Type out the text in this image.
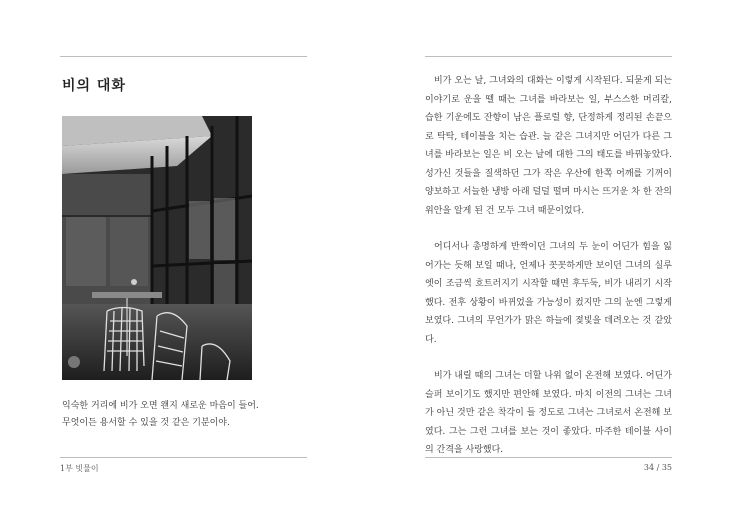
비의 대화

익숙한 거리에 비가 오면 왠지 새로운 마음이 들어.

무엇이든 용서할 수 있을 것 같은 기분이야.

1부 빗물이

비가 오는 날, 그녀와의 대화는 이렇게 시작된다. 되묻게 되는 이야기로 운을 뗄 때는 그녀를 바라보는 일, 부스스한 머리칼, 습한 기운에도 잔향이 남은 플로럴 향, 단정하게 정리된 손끝으로 탁탁, 테이블을 치는 습관. 늘 같은 그녀지만 어딘가 다른 그녀를 바라보는 일은 비 오는 날에 대한 그의 태도를 바꿔놓았다. 성가신 것들을 질색하던 그가 작은 우산에 한쪽 어깨를 기꺼이 양보하고 서늘한 냉방 아래 덜덜 떨며 마시는 뜨거운 차 한 잔의 위안을 알게 된 건 모두 그녀 때문이었다.

어디서나 총명하게 반짝이던 그녀의 두 눈이 어딘가 힘을 잃어가는 듯해 보일 때나, 언제나 꼿꼿하게만 보이던 그녀의 실루엣이 조금씩 흐트러지기 시작할 때면 후두둑, 비가 내리기 시작했다. 전후 상황이 바뀌었을 가능성이 컸지만 그의 눈엔 그렇게 보였다. 그녀의 무언가가 맑은 하늘에 젖빛을 데려오는 것 같았다.

비가 내릴 때의 그녀는 더할 나위 없이 온전해 보였다. 어딘가 슬퍼 보이기도 했지만 편안해 보였다. 마치 이전의 그녀는 그녀가 아닌 것만 같은 착각이 들 정도로 그녀는 그녀로서 온전해 보였다. 그는 그런 그녀를 보는 것이 좋았다. 마주한 테이블 사이의 간격을 사랑했다.

34 / 35
